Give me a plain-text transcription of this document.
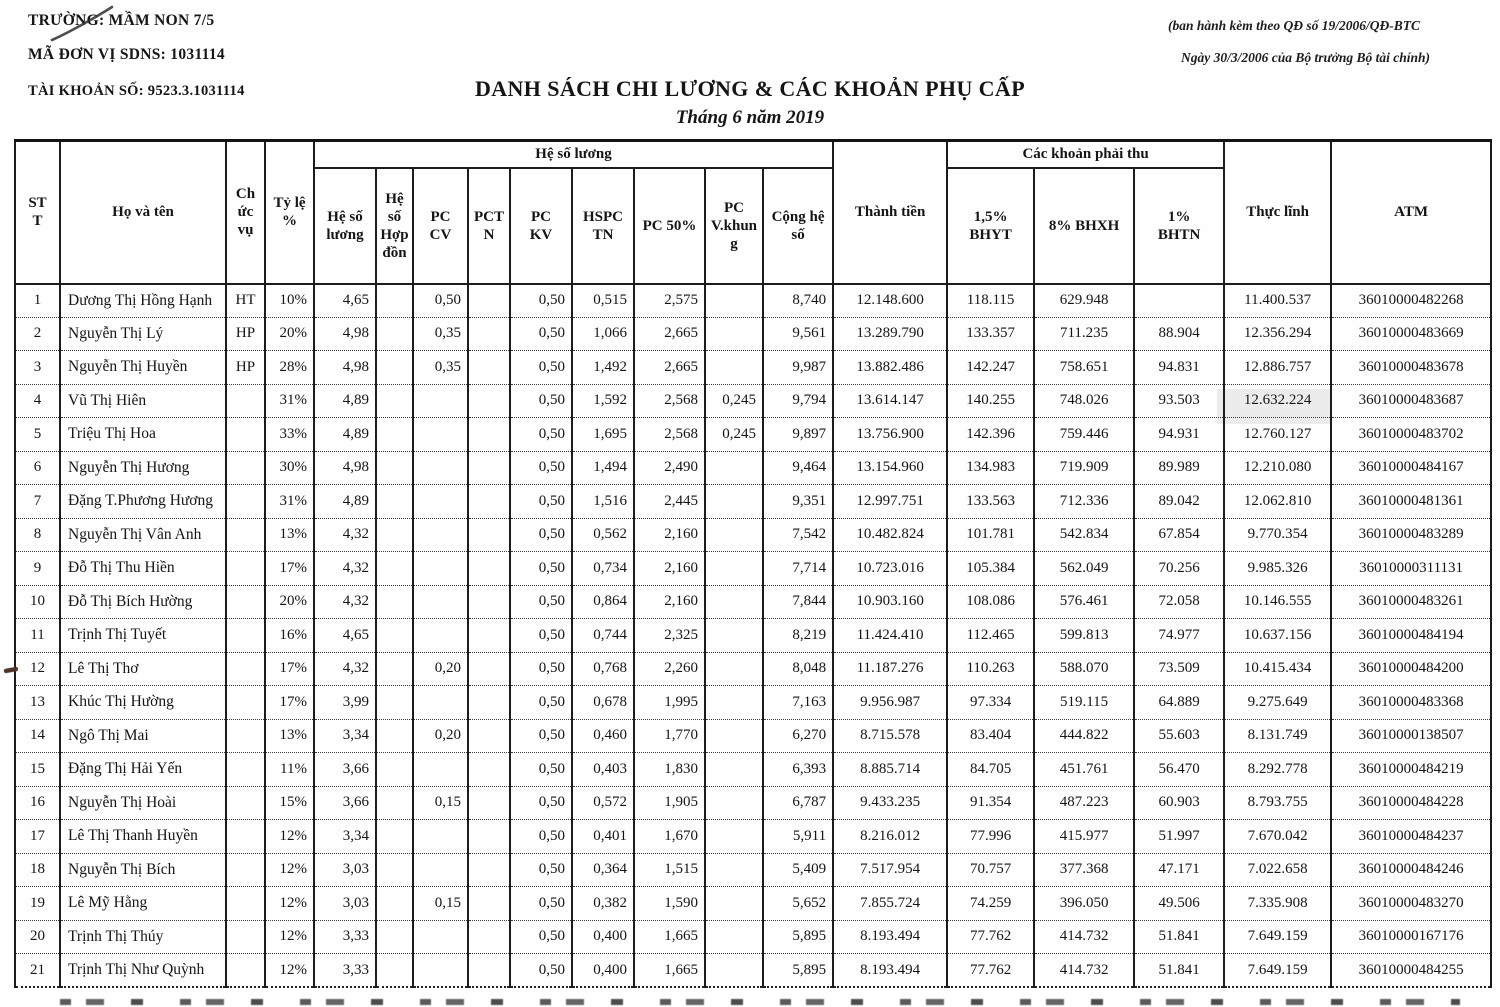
TRƯỜNG: MẦM NON 7/5
MÃ ĐƠN VỊ SDNS: 1031114
TÀI KHOẢN SỐ: 9523.3.1031114
(ban hành kèm theo QĐ số 19/2006/QĐ-BTC
Ngày 30/3/2006 của Bộ trưởng Bộ tài chính)
DANH SÁCH CHI LƯƠNG & CÁC KHOẢN PHỤ CẤP
Tháng 6 năm 2019
STT	Họ và tên	Chức vụ	Tỷ lệ %	Hệ số lương									Thành tiền	Các khoản phải thu			Thực lĩnh	ATM
				Hệ số lương	Hệ số Hợp đồn	PC CV	PCTN	PC KV	HSPC TN	PC 50%	PC V.khung	Cộng hệ số		1,5% BHYT	8% BHXH	1% BHTN		
1	Dương Thị Hồng Hạnh	HT	10%	4,65		0,50		0,50	0,515	2,575		8,740	12.148.600	118.115	629.948		11.400.537	36010000482268
2	Nguyễn Thị Lý	HP	20%	4,98		0,35		0,50	1,066	2,665		9,561	13.289.790	133.357	711.235	88.904	12.356.294	36010000483669
3	Nguyễn Thị Huyền	HP	28%	4,98		0,35		0,50	1,492	2,665		9,987	13.882.486	142.247	758.651	94.831	12.886.757	36010000483678
4	Vũ Thị Hiên		31%	4,89				0,50	1,592	2,568	0,245	9,794	13.614.147	140.255	748.026	93.503	12.632.224	36010000483687
5	Triệu Thị Hoa		33%	4,89				0,50	1,695	2,568	0,245	9,897	13.756.900	142.396	759.446	94.931	12.760.127	36010000483702
6	Nguyễn Thị Hương		30%	4,98				0,50	1,494	2,490		9,464	13.154.960	134.983	719.909	89.989	12.210.080	36010000484167
7	Đặng T.Phương Hương		31%	4,89				0,50	1,516	2,445		9,351	12.997.751	133.563	712.336	89.042	12.062.810	36010000481361
8	Nguyễn Thị Vân Anh		13%	4,32				0,50	0,562	2,160		7,542	10.482.824	101.781	542.834	67.854	9.770.354	36010000483289
9	Đỗ Thị Thu Hiền		17%	4,32				0,50	0,734	2,160		7,714	10.723.016	105.384	562.049	70.256	9.985.326	36010000311131
10	Đỗ Thị Bích Hường		20%	4,32				0,50	0,864	2,160		7,844	10.903.160	108.086	576.461	72.058	10.146.555	36010000483261
11	Trịnh Thị Tuyết		16%	4,65				0,50	0,744	2,325		8,219	11.424.410	112.465	599.813	74.977	10.637.156	36010000484194
12	Lê Thị Thơ		17%	4,32		0,20		0,50	0,768	2,260		8,048	11.187.276	110.263	588.070	73.509	10.415.434	36010000484200
13	Khúc Thị Hường		17%	3,99				0,50	0,678	1,995		7,163	9.956.987	97.334	519.115	64.889	9.275.649	36010000483368
14	Ngô Thị Mai		13%	3,34		0,20		0,50	0,460	1,770		6,270	8.715.578	83.404	444.822	55.603	8.131.749	36010000138507
15	Đặng Thị Hải Yến		11%	3,66				0,50	0,403	1,830		6,393	8.885.714	84.705	451.761	56.470	8.292.778	36010000484219
16	Nguyễn Thị Hoài		15%	3,66		0,15		0,50	0,572	1,905		6,787	9.433.235	91.354	487.223	60.903	8.793.755	36010000484228
17	Lê Thị Thanh Huyền		12%	3,34				0,50	0,401	1,670		5,911	8.216.012	77.996	415.977	51.997	7.670.042	36010000484237
18	Nguyễn Thị Bích		12%	3,03				0,50	0,364	1,515		5,409	7.517.954	70.757	377.368	47.171	7.022.658	36010000484246
19	Lê Mỹ Hằng		12%	3,03		0,15		0,50	0,382	1,590		5,652	7.855.724	74.259	396.050	49.506	7.335.908	36010000483270
20	Trịnh Thị Thúy		12%	3,33				0,50	0,400	1,665		5,895	8.193.494	77.762	414.732	51.841	7.649.159	36010000167176
21	Trịnh Thị Như Quỳnh		12%	3,33				0,50	0,400	1,665		5,895	8.193.494	77.762	414.732	51.841	7.649.159	36010000484255
